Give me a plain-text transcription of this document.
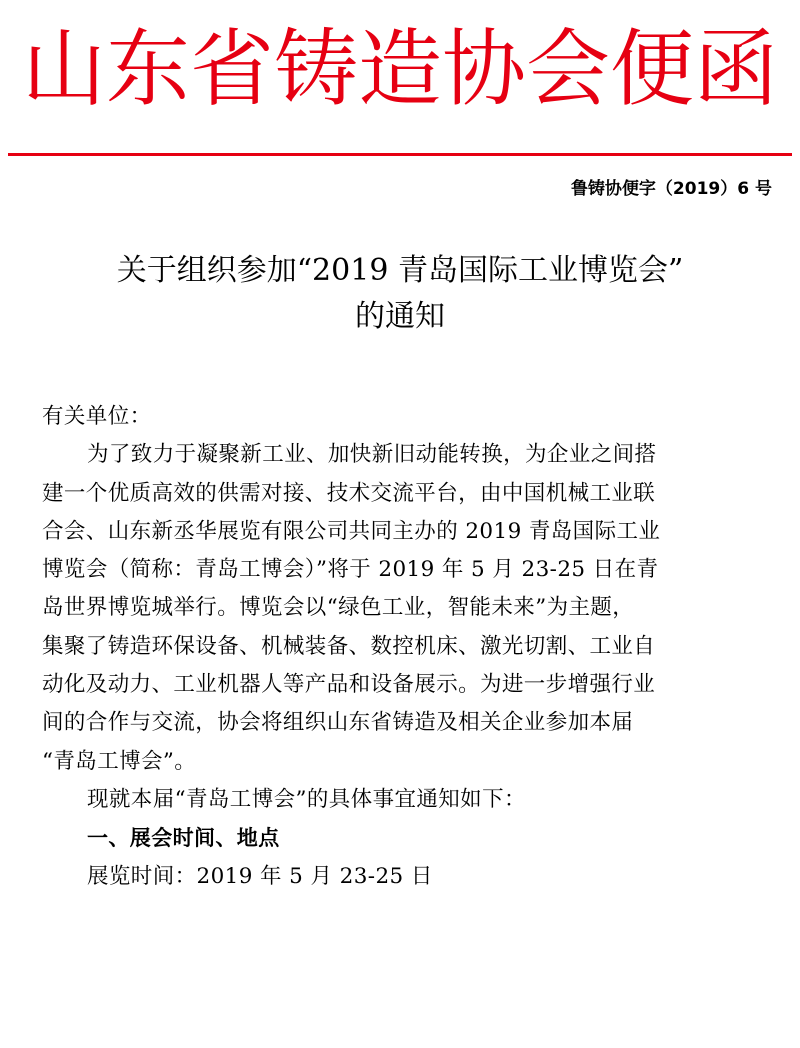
山东省铸造协会便函
鲁铸协便字（2019）6 号
关于组织参加“2019 青岛国际工业博览会”
的通知

有关单位：

为了致力于凝聚新工业、加快新旧动能转换，为企业之间搭

建一个优质高效的供需对接、技术交流平台，由中国机械工业联

合会、山东新丞华展览有限公司共同主办的 2019 青岛国际工业

博览会（简称：青岛工博会）”将于 2019 年 5 月 23-25 日在青

岛世界博览城举行。博览会以“绿色工业，智能未来”为主题，

集聚了铸造环保设备、机械装备、数控机床、激光切割、工业自

动化及动力、工业机器人等产品和设备展示。为进一步增强行业

间的合作与交流，协会将组织山东省铸造及相关企业参加本届

“青岛工博会”。

现就本届“青岛工博会”的具体事宜通知如下：

一、展会时间、地点

展览时间：2019 年 5 月 23-25 日
